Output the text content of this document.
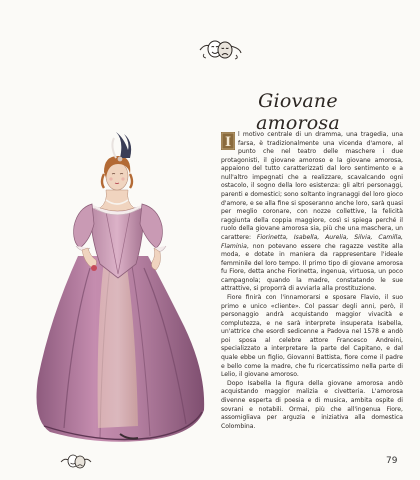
Giovane amorosa
I

l motivo centrale di un dramma, una tragedia, una farsa, è tradizionalmente una vicenda d'amore, al punto che nel teatro delle maschere i due protagonisti, il giovane amoroso e la giovane amorosa, appaiono del tutto caratterizzati dal loro sentimento e a null'altro impegnati che a realizzare, scavalcando ogni ostacolo, il sogno della loro esistenza: gli altri personaggi, parenti e domestici; sono soltanto ingranaggi del loro gioco d'amore, e se alla fine si sposeranno anche loro, sarà quasi per meglio coronare, con nozze collettive, la felicità raggiunta della coppia maggiore, così si spiega perché il ruolo della giovane amorosa sia, più che una maschera, un carattere: Fiorinetta, Isabella, Aurelia, Silvia, Camilla, Flaminia, non potevano essere che ragazze vestite alla moda, e dotate in maniera da rappresentare l'ideale femminile del loro tempo. Il primo tipo di giovane amorosa fu Fiore, detta anche Fiorinetta, ingenua, virtuosa, un poco campagnola; quando la madre, constatando le sue attrattive, si proporrà di avviarla alla prostituzione.

Fiore finirà con l'innamorarsi e sposare Flavio, il suo primo e unico «cliente». Col passar degli anni, però, il personaggio andrà acquistando maggior vivacità e complutezza, e ne sarà interprete insuperata Isabella, un'attrice che esordì sedicenne a Padova nel 1578 e andò poi sposa al celebre attore Francesco Andreini, specializzato a interpretare la parte del Capitano, e dal quale ebbe un figlio, Giovanni Battista, fiore come il padre e bello come la madre, che fu ricercatissimo nella parte di Lelio, il giovane amoroso.

Dopo Isabella la figura della giovane amorosa andò acquistando maggior malizia e civetteria. L'amorosa divenne esperta di poesia e di musica, ambita ospite di sovrani e notabili. Ormai, più che all'ingenua Fiore, assomigliava per arguzia e iniziativa alla domestica Colombina.

79
